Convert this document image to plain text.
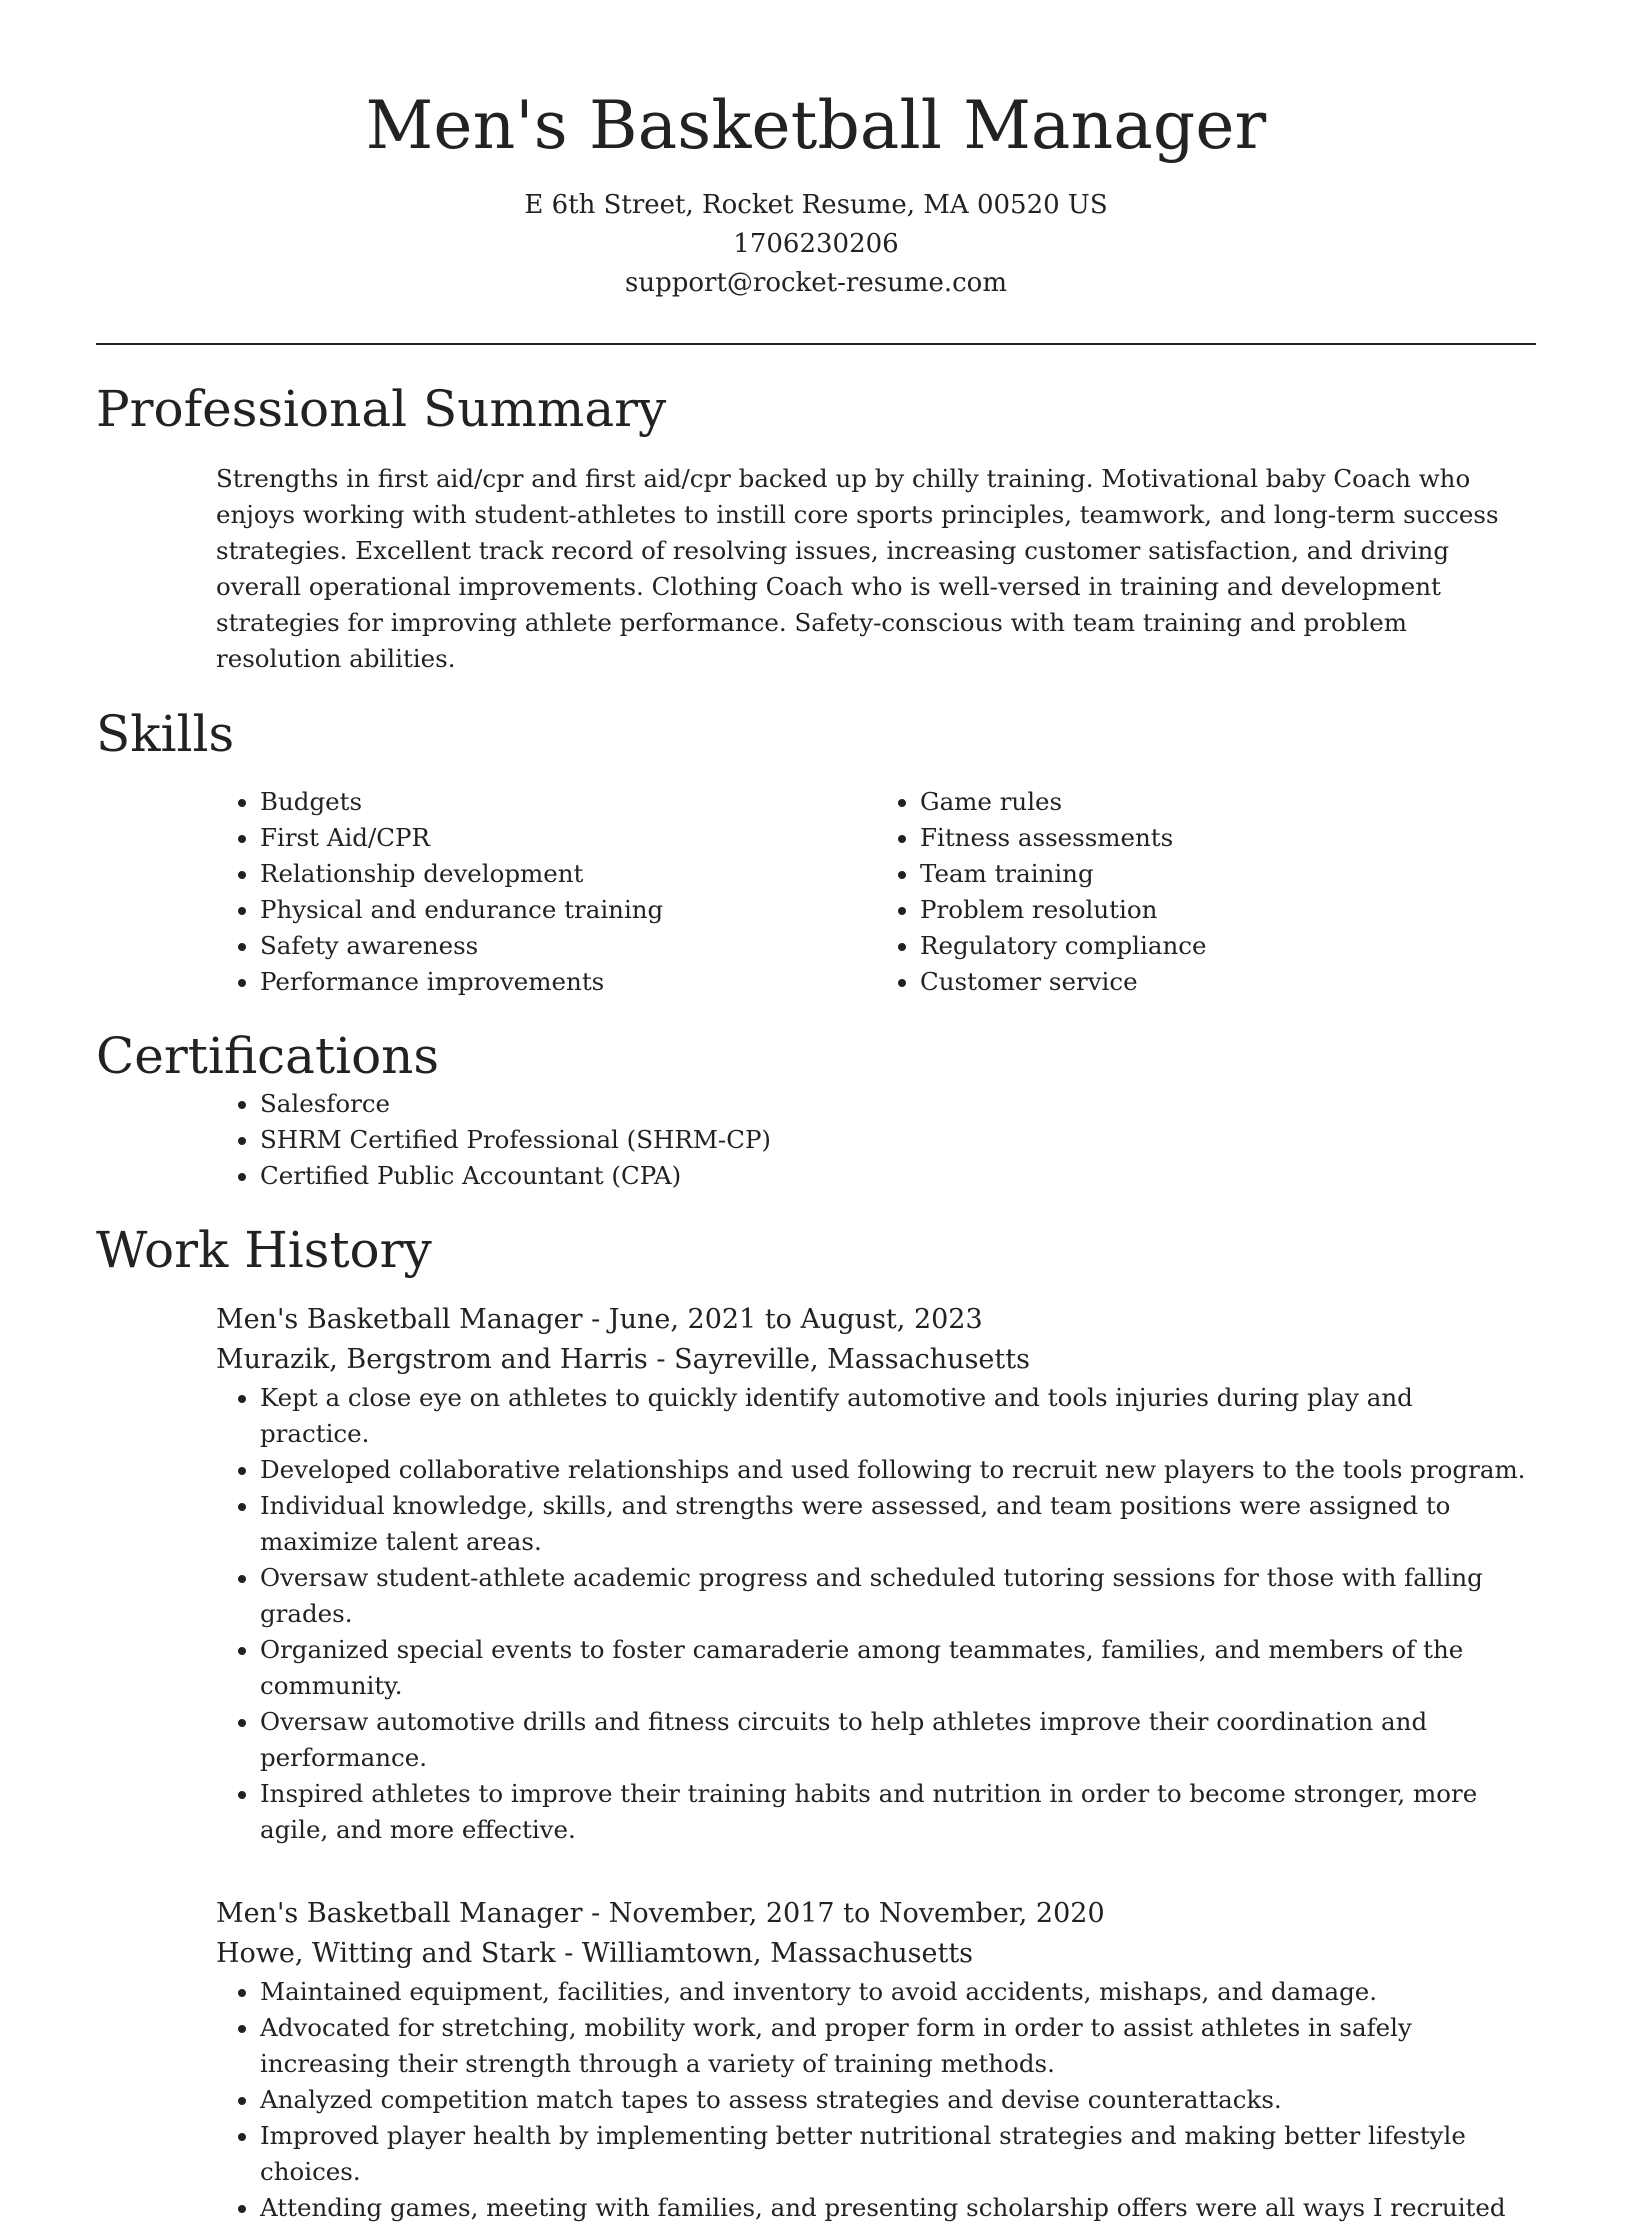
Men's Basketball Manager
E 6th Street, Rocket Resume, MA 00520 US
1706230206
support@rocket-resume.com
Professional Summary

Strengths in first aid/cpr and first aid/cpr backed up by chilly training. Motivational baby Coach who enjoys working with student-athletes to instill core sports principles, teamwork, and long-term success strategies. Excellent track record of resolving issues, increasing customer satisfaction, and driving overall operational improvements. Clothing Coach who is well-versed in training and development strategies for improving athlete performance. Safety-conscious with team training and problem resolution abilities.

Skills
• Budgets
• First Aid/CPR
• Relationship development
• Physical and endurance training
• Safety awareness
• Performance improvements
• Game rules
• Fitness assessments
• Team training
• Problem resolution
• Regulatory compliance
• Customer service
Certifications
• Salesforce
• SHRM Certified Professional (SHRM-CP)
• Certified Public Accountant (CPA)
Work History
Men's Basketball Manager - June, 2021 to August, 2023
Murazik, Bergstrom and Harris - Sayreville, Massachusetts
• Kept a close eye on athletes to quickly identify automotive and tools injuries during play and practice.
• Developed collaborative relationships and used following to recruit new players to the tools program.
• Individual knowledge, skills, and strengths were assessed, and team positions were assigned to maximize talent areas.
• Oversaw student-athlete academic progress and scheduled tutoring sessions for those with falling grades.
• Organized special events to foster camaraderie among teammates, families, and members of the community.
• Oversaw automotive drills and fitness circuits to help athletes improve their coordination and performance.
• Inspired athletes to improve their training habits and nutrition in order to become stronger, more agile, and more effective.
Men's Basketball Manager - November, 2017 to November, 2020
Howe, Witting and Stark - Williamtown, Massachusetts
• Maintained equipment, facilities, and inventory to avoid accidents, mishaps, and damage.
• Advocated for stretching, mobility work, and proper form in order to assist athletes in safely increasing their strength through a variety of training methods.
• Analyzed competition match tapes to assess strategies and devise counterattacks.
• Improved player health by implementing better nutritional strategies and making better lifestyle choices.
• Attending games, meeting with families, and presenting scholarship offers were all ways I recruited
